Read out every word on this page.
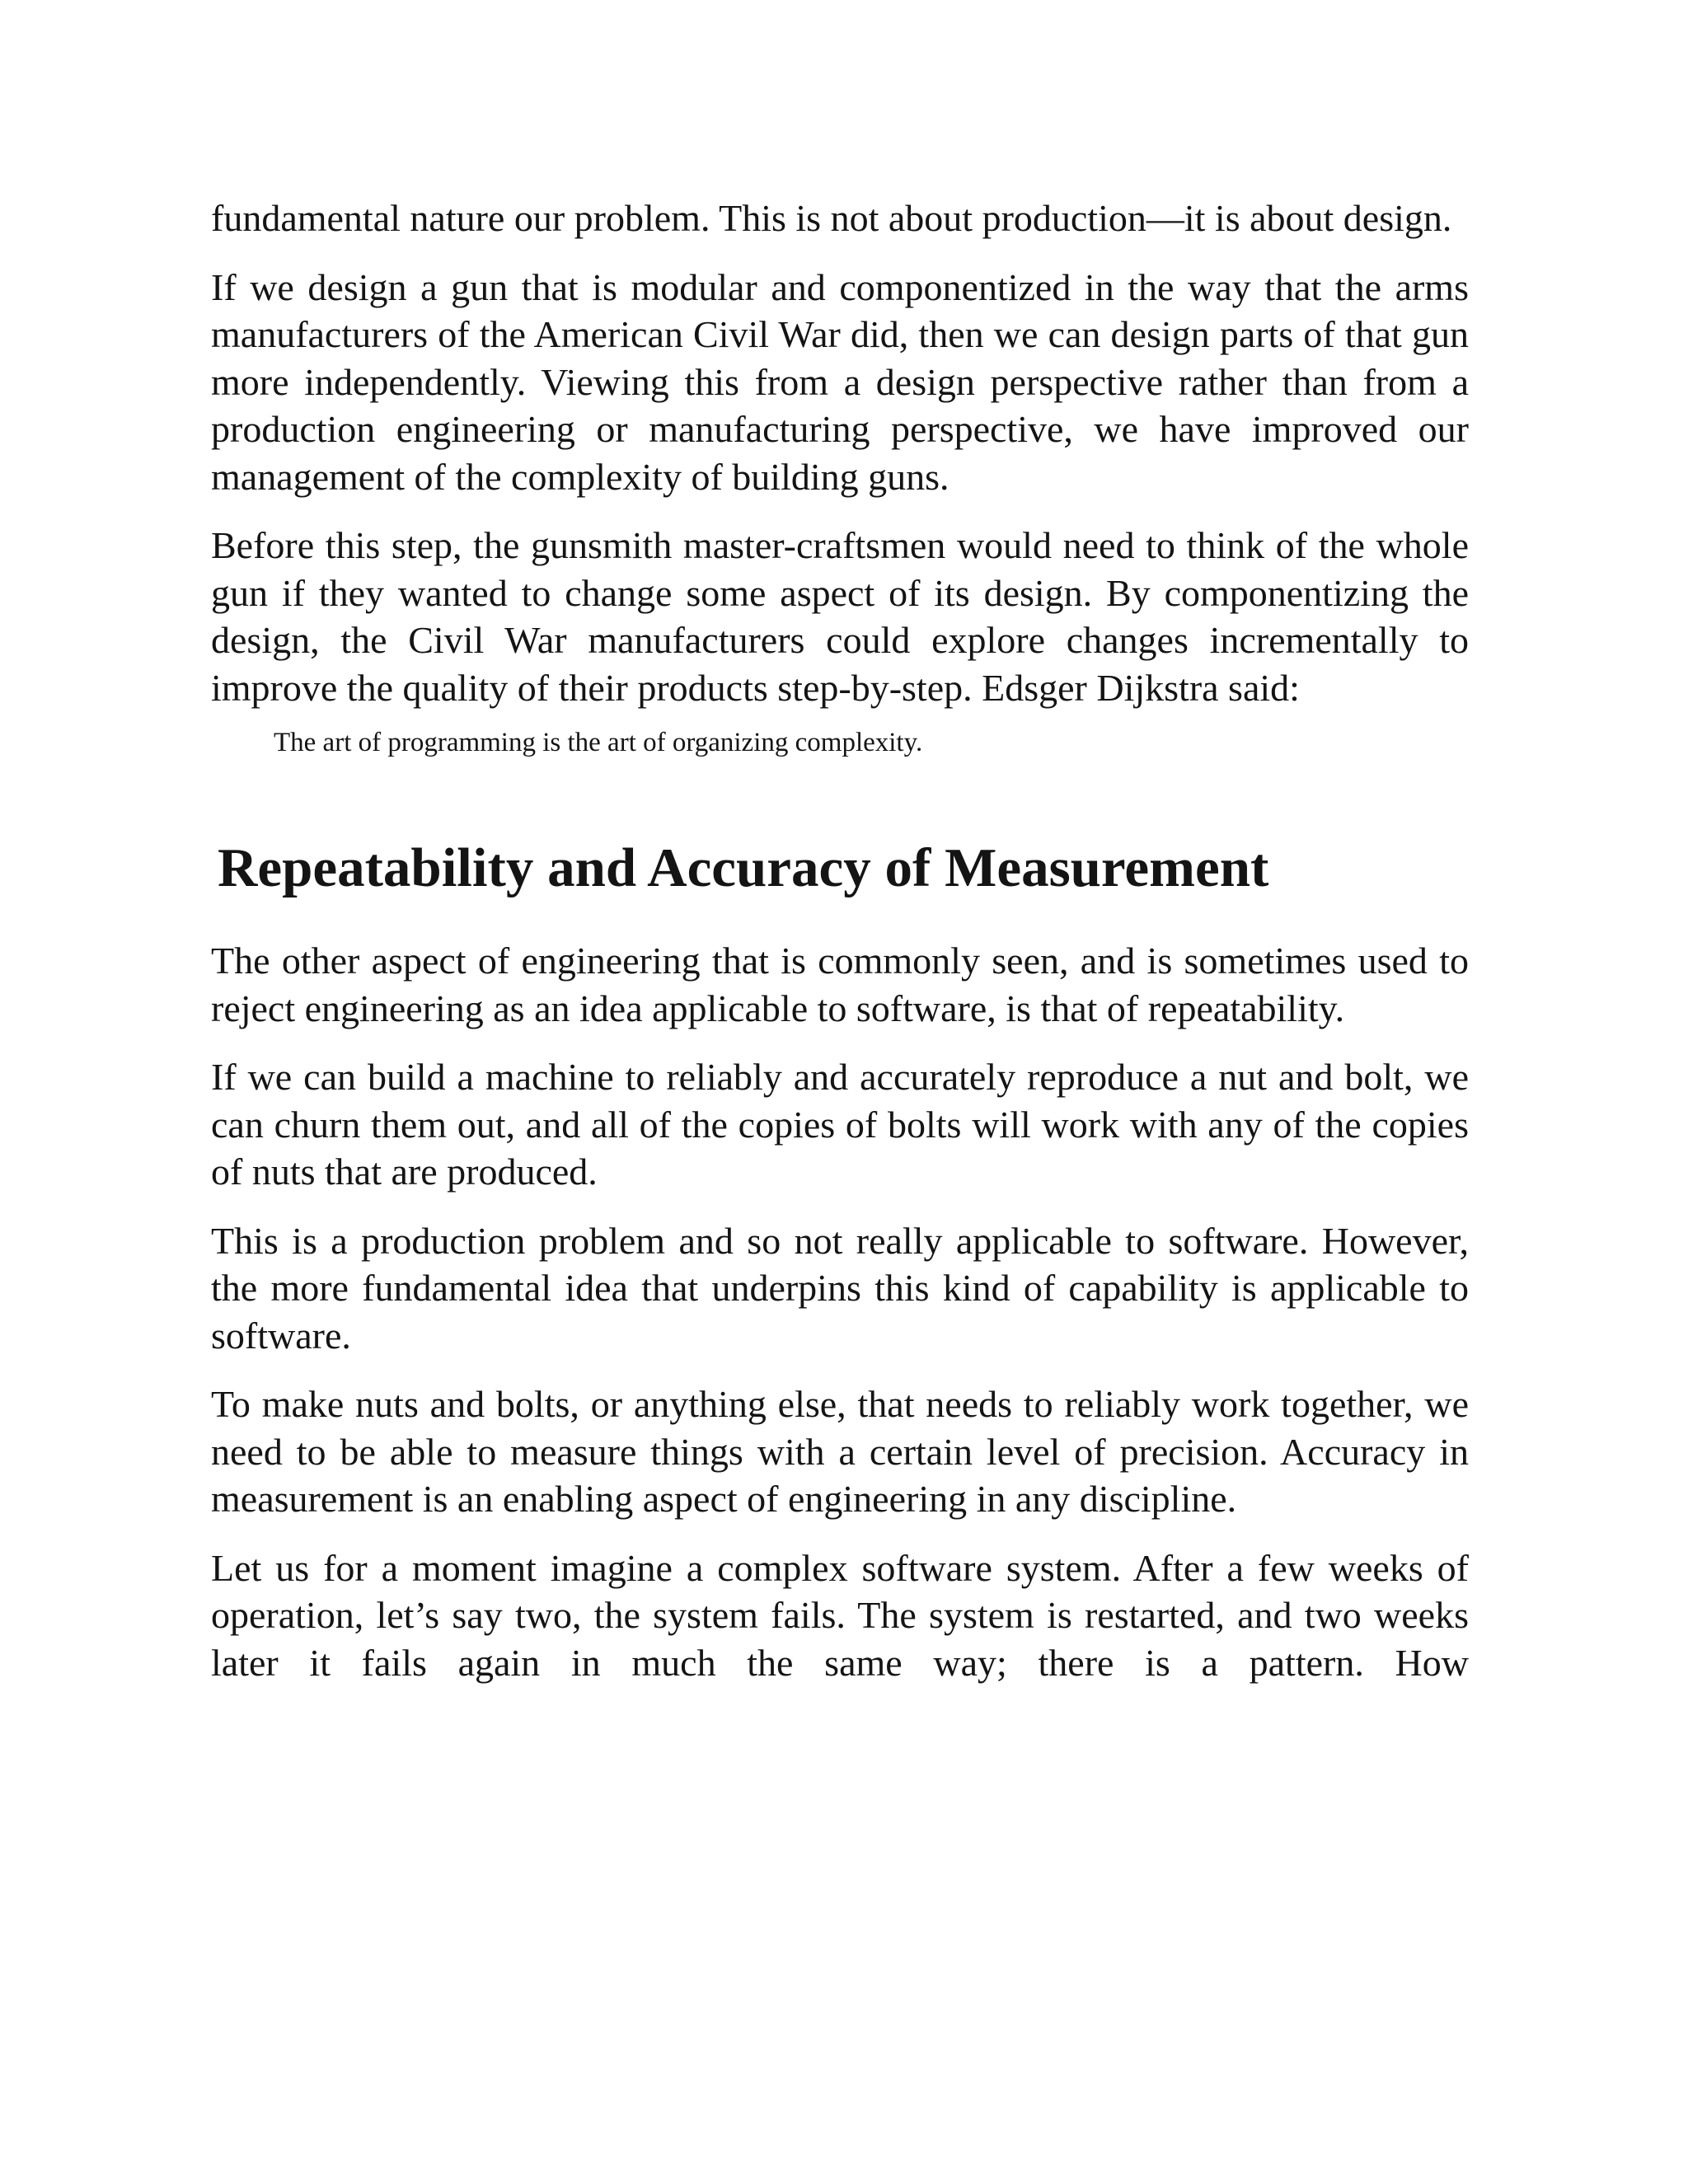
fundamental nature our problem. This is not about production—it is about design.

If we design a gun that is modular and componentized in the way that the arms manufacturers of the American Civil War did, then we can design parts of that gun more independently. Viewing this from a design perspective rather than from a production engineering or manufacturing perspective, we have improved our management of the complexity of building guns.

Before this step, the gunsmith master-craftsmen would need to think of the whole gun if they wanted to change some aspect of its design. By componentizing the design, the Civil War manufacturers could explore changes incrementally to improve the quality of their products step-by-step. Edsger Dijkstra said:

The art of programming is the art of organizing complexity.

Repeatability and Accuracy of Measurement

The other aspect of engineering that is commonly seen, and is sometimes used to reject engineering as an idea applicable to software, is that of repeatability.

If we can build a machine to reliably and accurately reproduce a nut and bolt, we can churn them out, and all of the copies of bolts will work with any of the copies of nuts that are produced.

This is a production problem and so not really applicable to software. However, the more fundamental idea that underpins this kind of capability is applicable to software.

To make nuts and bolts, or anything else, that needs to reliably work together, we need to be able to measure things with a certain level of precision. Accuracy in measurement is an enabling aspect of engineering in any discipline.

Let us for a moment imagine a complex software system. After a few weeks of operation, let’s say two, the system fails. The system is restarted, and two weeks later it fails again in much the same way; there is a pattern. How
